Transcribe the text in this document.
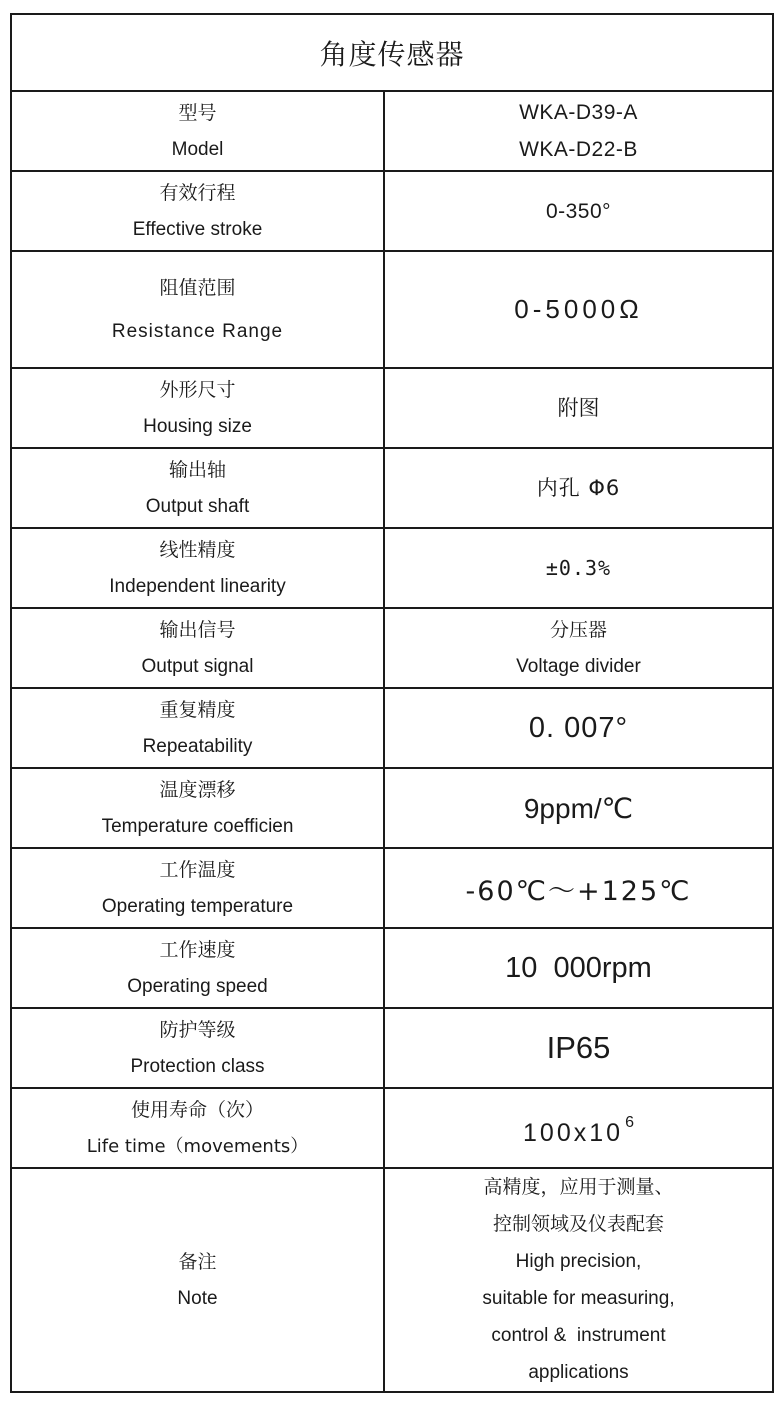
角度传感器
型号
Model
WKA-D39-A
WKA-D22-B
有效行程
Effective stroke
0-350°
阻值范围
Resistance Range
0-5000Ω
外形尺寸
Housing size
附图
输出轴
Output shaft
内孔 Φ6
线性精度
Independent linearity
±0.3%
输出信号
Output signal
分压器
Voltage divider
重复精度
Repeatability
0. 007°
温度漂移
Temperature coefficien
9ppm/℃
工作温度
Operating temperature	-60℃～+125℃
工作速度
Operating speed
10  000rpm
防护等级
Protection class
IP65
使用寿命（次）
Life time（movements）	100x10 $^6$
备注
Note
高精度，应用于测量、
控制领域及仪表配套
High precision,
suitable for measuring,
control &  instrument
applications
